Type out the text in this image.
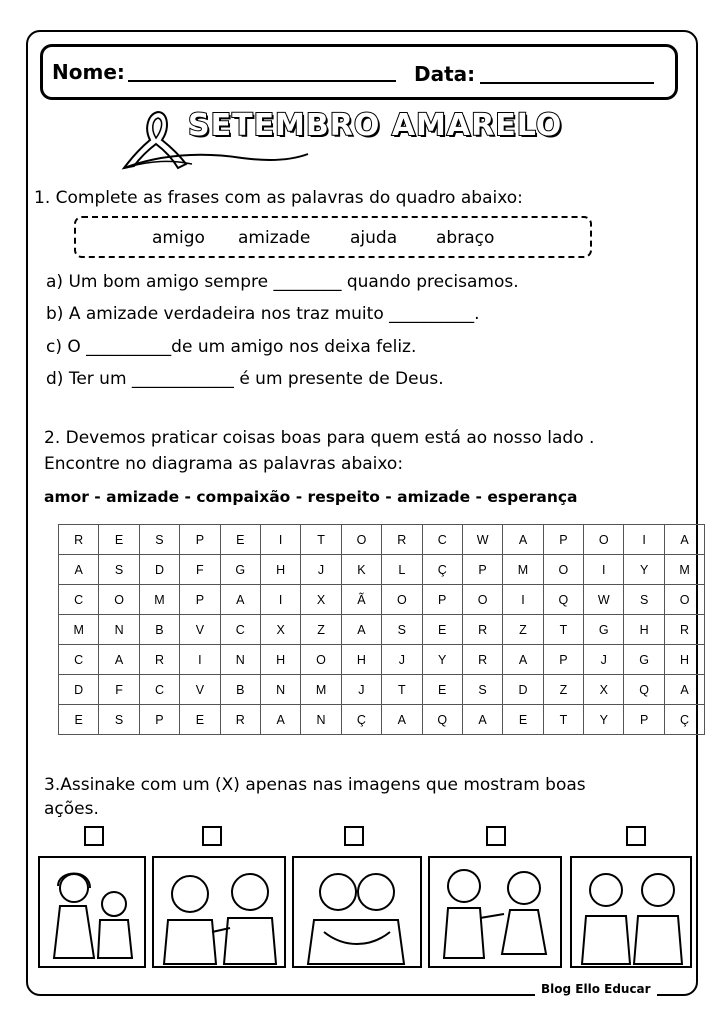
Nome:	Data:
SETEMBRO AMARELO
1. Complete as frases com as palavras do quadro abaixo:
amigo amizade ajuda abraço
a) Um bom amigo sempre ________ quando precisamos.
b) A amizade verdadeira nos traz muito __________.
c) O __________de um amigo nos deixa feliz.
d) Ter um ____________ é um presente de Deus.
2. Devemos praticar coisas boas para quem está ao nosso lado .
Encontre no diagrama as palavras abaixo:
amor - amizade - compaixão - respeito - amizade - esperança
R	E	S	P	E	I	T	O	R	C	W	A	P	O	I	A
A	S	D	F	G	H	J	K	L	Ç	P	M	O	I	Y	M
C	O	M	P	A	I	X	Ã	O	P	O	I	Q	W	S	O
M	N	B	V	C	X	Z	A	S	E	R	Z	T	G	H	R
C	A	R	I	N	H	O	H	J	Y	R	A	P	J	G	H
D	F	C	V	B	N	M	J	T	E	S	D	Z	X	Q	A
E	S	P	E	R	A	N	Ç	A	Q	A	E	T	Y	P	Ç
3.Assinake com um (X) apenas nas imagens que mostram boas
ações.
Blog Ello Educar
